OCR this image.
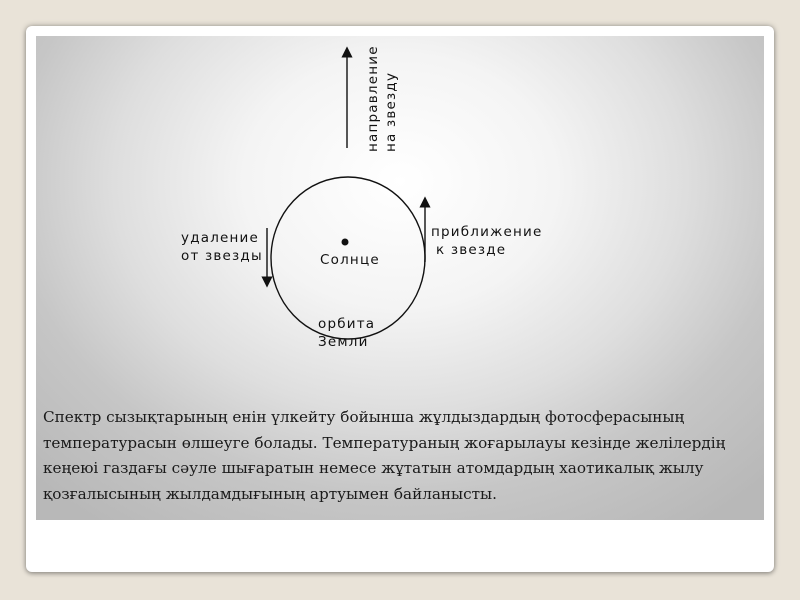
направление на звезду
приближение
к звезде
удаление
от звезды	Солнце
орбита
Земли

Спектр сызықтарының енін үлкейту бойынша жұлдыздардың фотосферасының температурасын өлшеуге болады. Температураның жоғарылауы кезінде желілердің кеңеюі газдағы сәуле шығаратын немесе жұтатын атомдардың хаотикалық жылу қозғалысының жылдамдығының артуымен байланысты.
